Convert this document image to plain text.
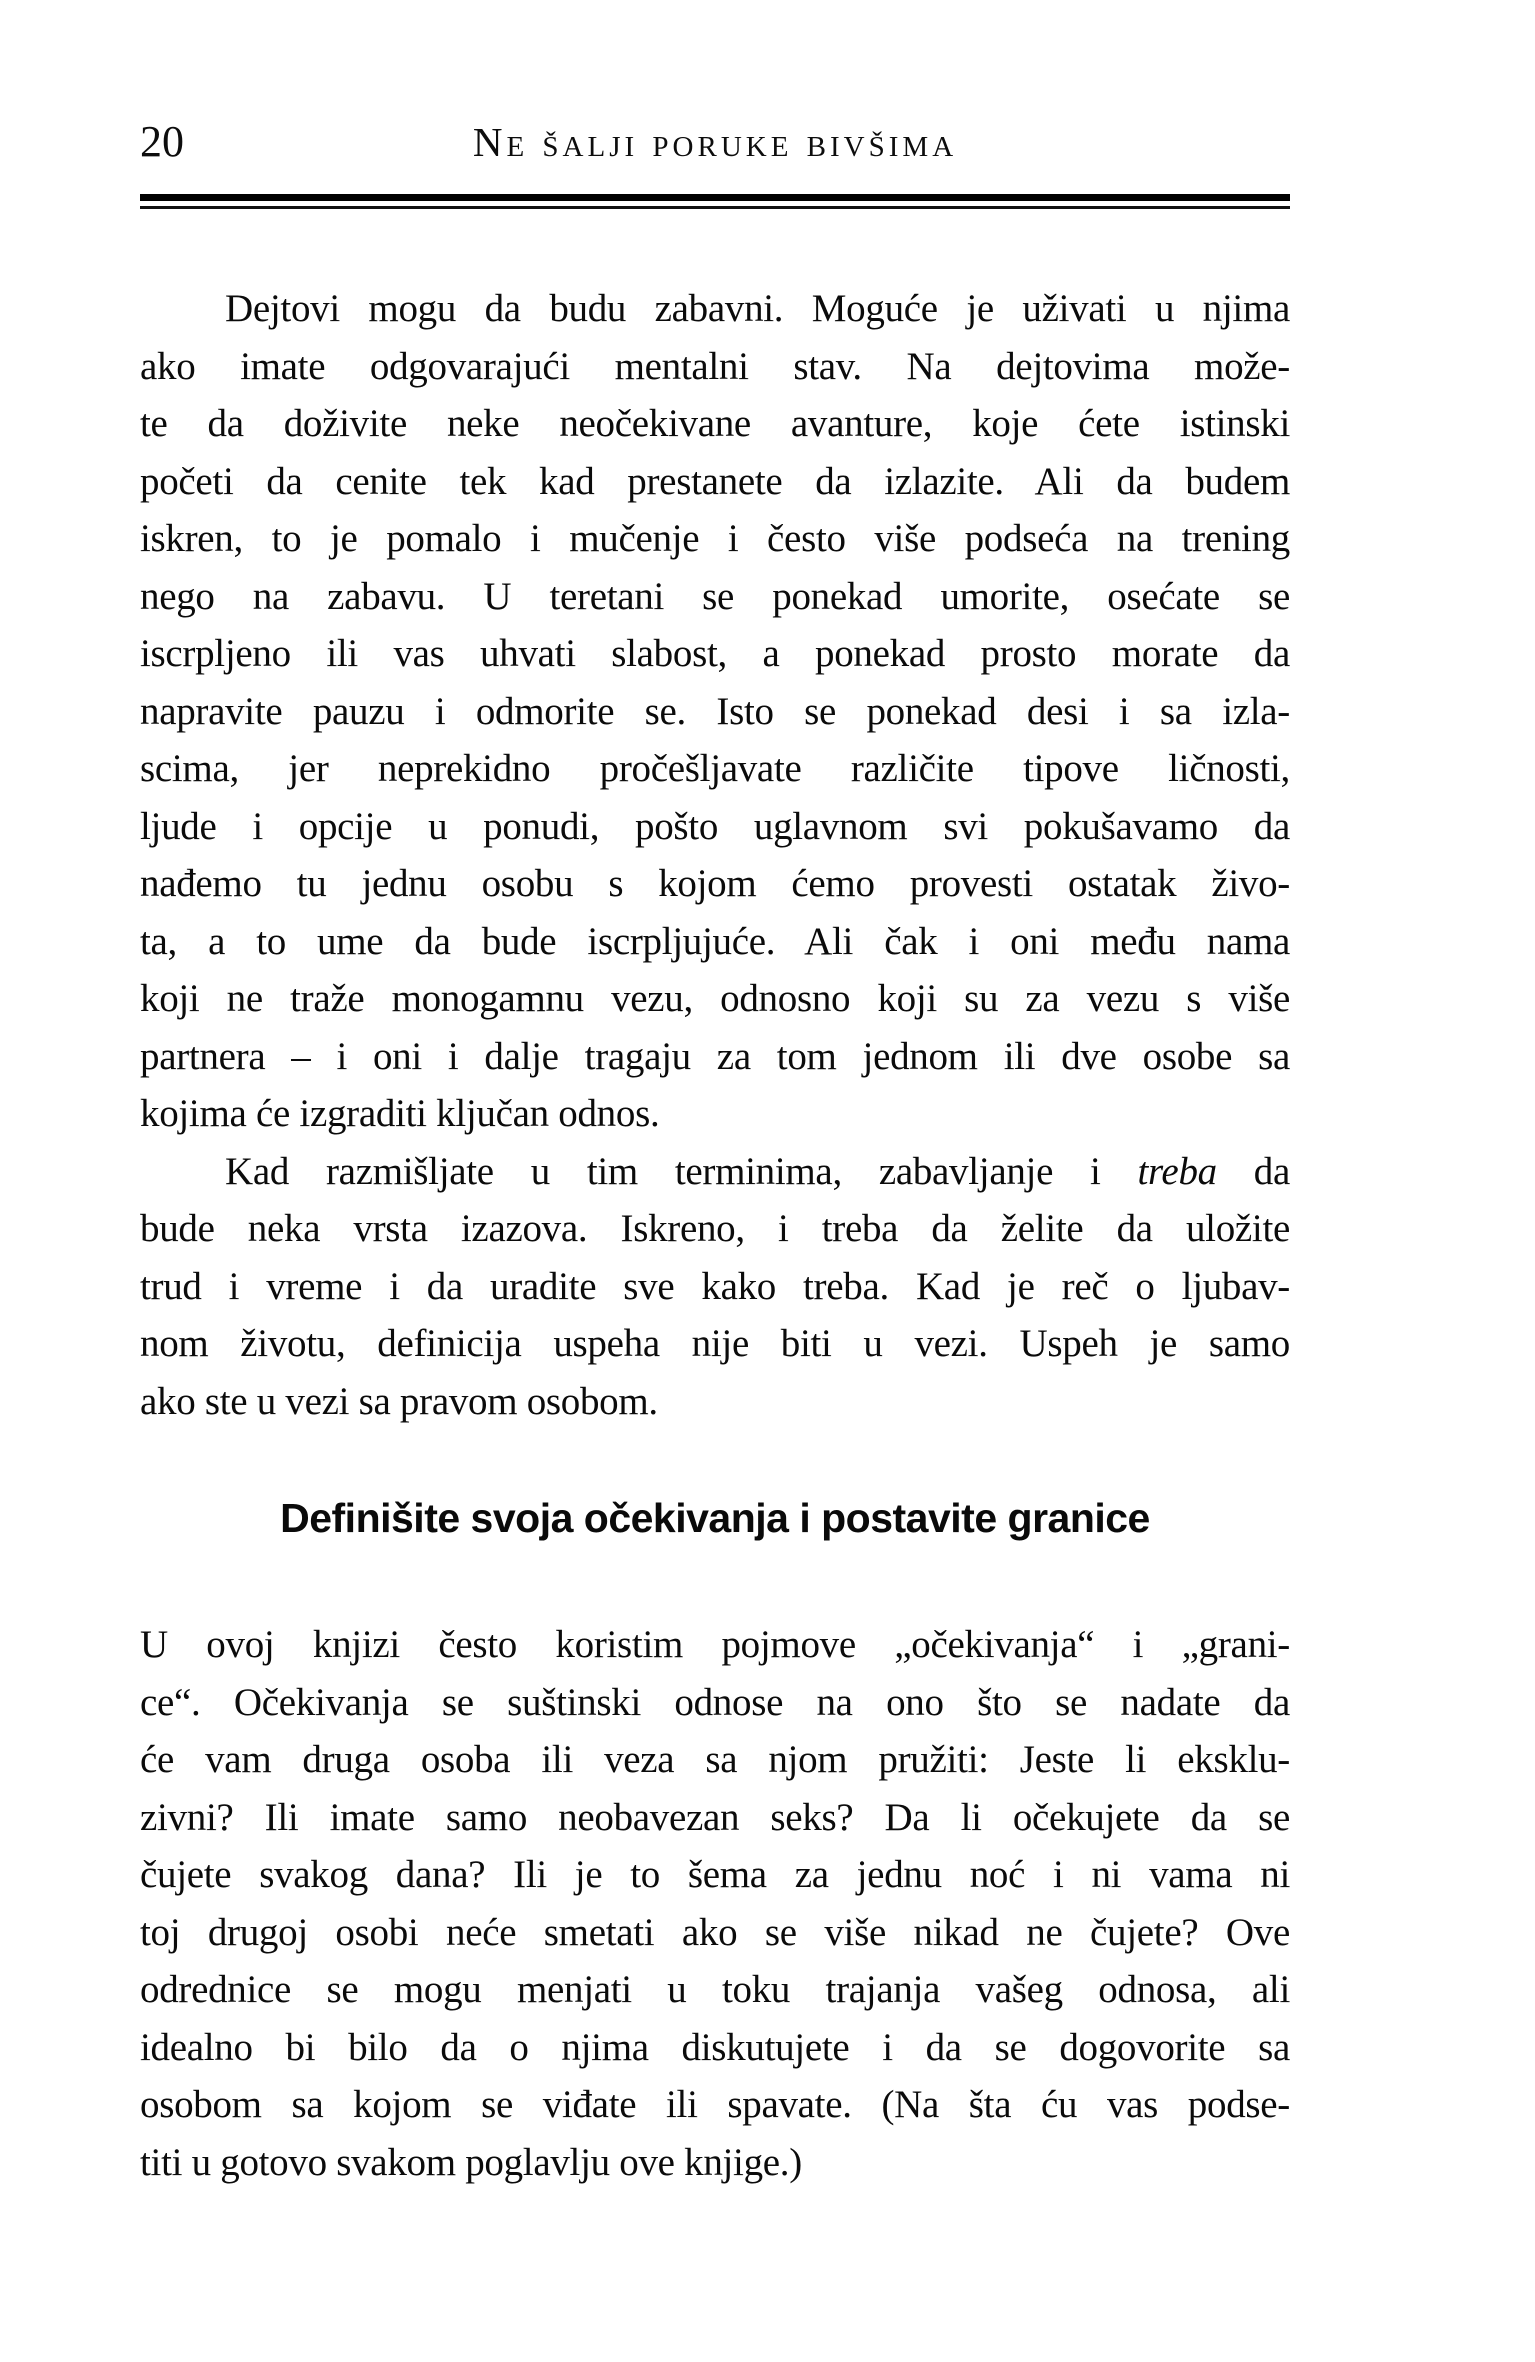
20	Ne šalji poruke bivšima
Dejtovi mogu da budu zabavni. Moguće je uživati u njima
ako imate odgovarajući mentalni stav. Na dejtovima može-
te da doživite neke neočekivane avanture, koje ćete istinski
početi da cenite tek kad prestanete da izlazite. Ali da budem
iskren, to je pomalo i mučenje i često više podseća na trening
nego na zabavu. U teretani se ponekad umorite, osećate se
iscrpljeno ili vas uhvati slabost, a ponekad prosto morate da
napravite pauzu i odmorite se. Isto se ponekad desi i sa izla-
scima, jer neprekidno pročešljavate različite tipove ličnosti,
ljude i opcije u ponudi, pošto uglavnom svi pokušavamo da
nađemo tu jednu osobu s kojom ćemo provesti ostatak živo-
ta, a to ume da bude iscrpljujuće. Ali čak i oni među nama
koji ne traže monogamnu vezu, odnosno koji su za vezu s više
partnera – i oni i dalje tragaju za tom jednom ili dve osobe sa
kojima će izgraditi ključan odnos.
Kad razmišljate u tim terminima, zabavljanje i treba da
bude neka vrsta izazova. Iskreno, i treba da želite da uložite
trud i vreme i da uradite sve kako treba. Kad je reč o ljubav-
nom životu, definicija uspeha nije biti u vezi. Uspeh je samo
ako ste u vezi sa pravom osobom.
Definišite svoja očekivanja i postavite granice
U ovoj knjizi često koristim pojmove „očekivanja“ i „grani-
ce“. Očekivanja se suštinski odnose na ono što se nadate da
će vam druga osoba ili veza sa njom pružiti: Jeste li eksklu-
zivni? Ili imate samo neobavezan seks? Da li očekujete da se
čujete svakog dana? Ili je to šema za jednu noć i ni vama ni
toj drugoj osobi neće smetati ako se više nikad ne čujete? Ove
odrednice se mogu menjati u toku trajanja vašeg odnosa, ali
idealno bi bilo da o njima diskutujete i da se dogovorite sa
osobom sa kojom se viđate ili spavate. (Na šta ću vas podse-
titi u gotovo svakom poglavlju ove knjige.)
